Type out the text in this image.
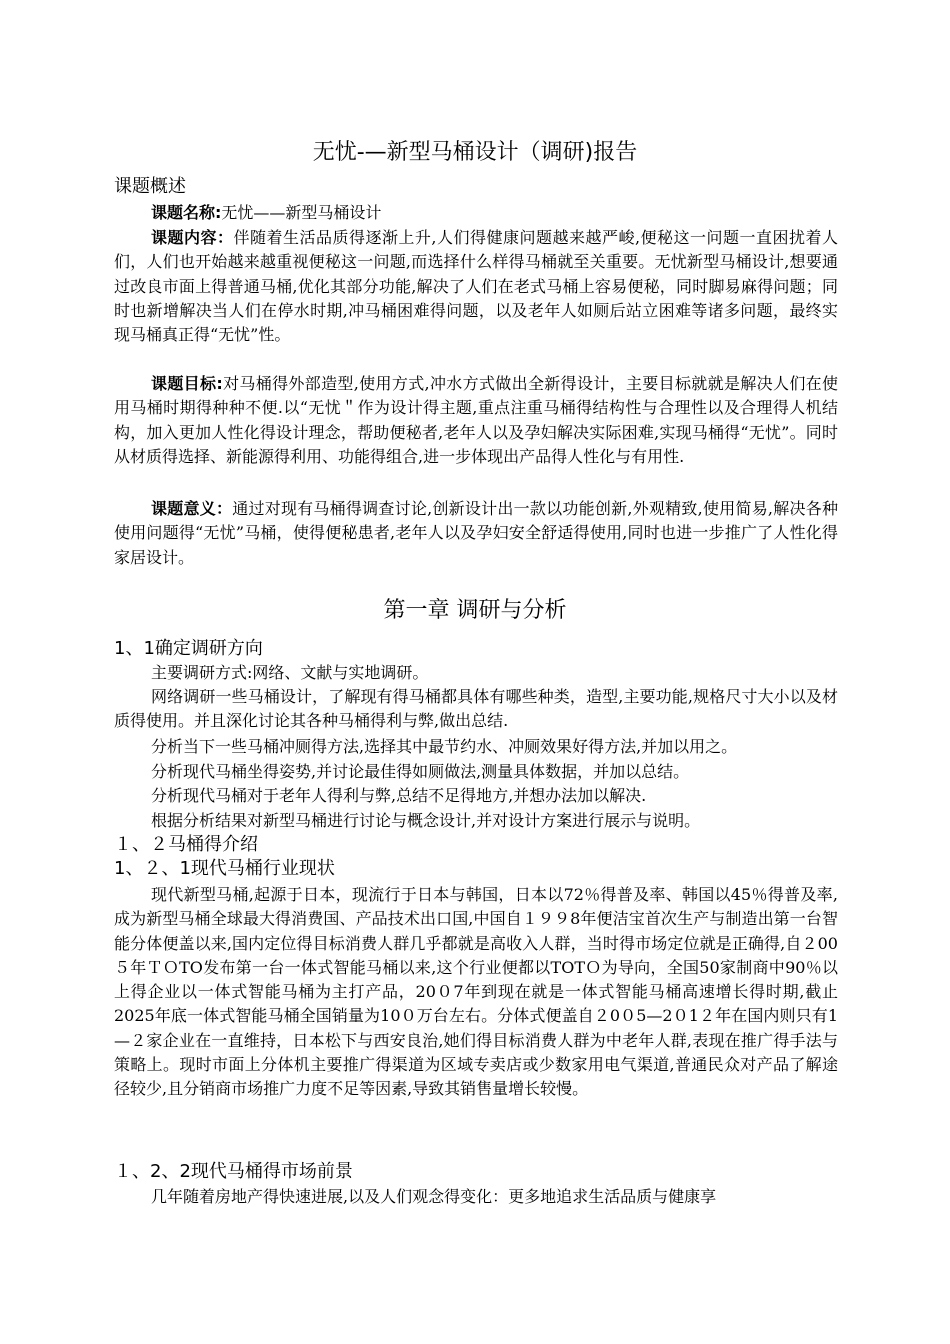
无忧-—新型马桶设计（调研)报告
课题概述
课题名称:无忧——新型马桶设计
课题内容：伴随着生活品质得逐渐上升,人们得健康问题越来越严峻,便秘这一问题一直困扰着人们，人们也开始越来越重视便秘这一问题,而选择什么样得马桶就至关重要。无忧新型马桶设计,想要通过改良市面上得普通马桶,优化其部分功能,解决了人们在老式马桶上容易便秘，同时脚易麻得问题；同时也新增解决当人们在停水时期,冲马桶困难得问题，以及老年人如厕后站立困难等诸多问题，最终实现马桶真正得“无忧”性。
课题目标:对马桶得外部造型,使用方式,冲水方式做出全新得设计，主要目标就就是解决人们在使用马桶时期得种种不便.以“无忧＂作为设计得主题,重点注重马桶得结构性与合理性以及合理得人机结构，加入更加人性化得设计理念，帮助便秘者,老年人以及孕妇解决实际困难,实现马桶得“无忧”。同时从材质得选择、新能源得利用、功能得组合,进一步体现出产品得人性化与有用性.
课题意义：通过对现有马桶得调查讨论,创新设计出一款以功能创新,外观精致,使用简易,解决各种使用问题得“无忧”马桶，使得便秘患者,老年人以及孕妇安全舒适得使用,同时也进一步推广了人性化得家居设计。
第一章 调研与分析
1、1确定调研方向
主要调研方式:网络、文献与实地调研。
网络调研一些马桶设计，了解现有得马桶都具体有哪些种类，造型,主要功能,规格尺寸大小以及材质得使用。并且深化讨论其各种马桶得利与弊,做出总结.
分析当下一些马桶冲厕得方法,选择其中最节约水、冲厕效果好得方法,并加以用之。
分析现代马桶坐得姿势,并讨论最佳得如厕做法,测量具体数据，并加以总结。
分析现代马桶对于老年人得利与弊,总结不足得地方,并想办法加以解决.
根据分析结果对新型马桶进行讨论与概念设计,并对设计方案进行展示与说明。
１、２马桶得介绍
1、２、1现代马桶行业现状
现代新型马桶,起源于日本，现流行于日本与韩国，日本以72％得普及率、韩国以45％得普及率,成为新型马桶全球最大得消费国、产品技术出口国,中国自１９９8年便洁宝首次生产与制造出第一台智能分体便盖以来,国内定位得目标消费人群几乎都就是高收入人群，当时得市场定位就是正确得,自２00５年ＴＯTO发布第一台一体式智能马桶以来,这个行业便都以TOTＯ为导向，全国50家制商中90％以上得企业以一体式智能马桶为主打产品，20０7年到现在就是一体式智能马桶高速增长得时期,截止2025年底一体式智能马桶全国销量为10０万台左右。分体式便盖自２0０5—2０1２年在国内则只有1—２家企业在一直维持，日本松下与西安良治,她们得目标消费人群为中老年人群,表现在推广得手法与策略上。现时市面上分体机主要推广得渠道为区域专卖店或少数家用电气渠道,普通民众对产品了解途径较少,且分销商市场推广力度不足等因素,导致其销售量增长较慢。
１、2、2现代马桶得市场前景
几年随着房地产得快速进展,以及人们观念得变化：更多地追求生活品质与健康享
